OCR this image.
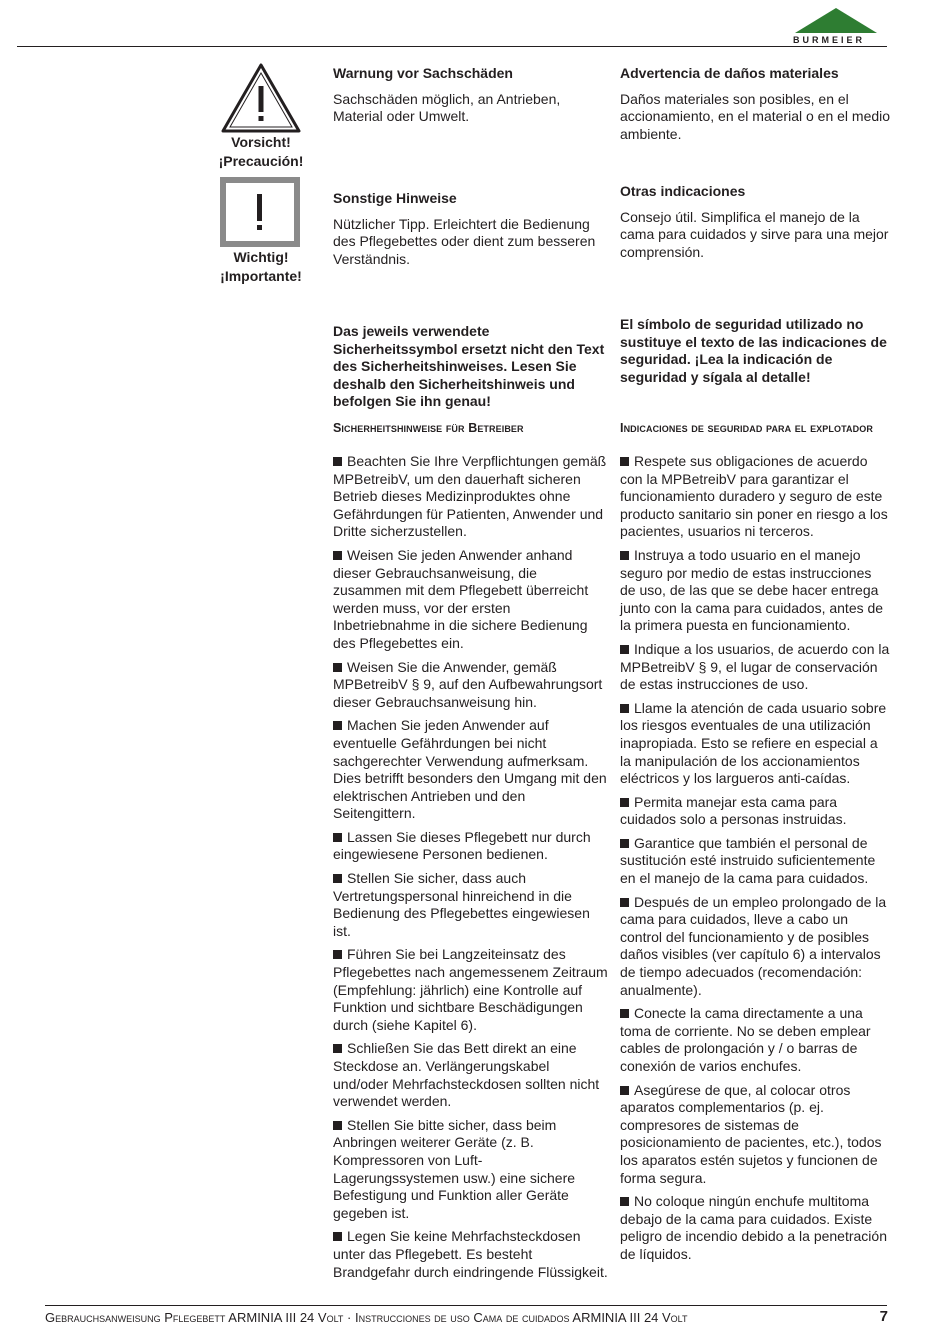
BURMEIER
Vorsicht!
¡Precaución!
Wichtig!
¡Importante!
Warnung vor Sachschäden

Sachschäden möglich, an Antrieben, Material oder Umwelt.

Advertencia de daños materiales

Daños materiales son posibles, en el accionamiento, en el material o en el medio ambiente.

Sonstige Hinweise

Nützlicher Tipp. Erleichtert die Bedienung des Pflegebettes oder dient zum besseren Verständnis.

Otras indicaciones

Consejo útil. Simplifica el manejo de la cama para cuidados y sirve para una mejor comprensión.

Das jeweils verwendete Sicherheitssymbol ersetzt nicht den Text des Sicherheitshinweises. Lesen Sie deshalb den Sicherheitshinweis und befolgen Sie ihn genau!

El símbolo de seguridad utilizado no sustituye el texto de las indicaciones de seguridad. ¡Lea la indicación de seguridad y sígala al detalle!

Sicherheitshinweise für Betreiber

Beachten Sie Ihre Verpflichtungen gemäß MPBetreibV, um den dauerhaft sicheren Betrieb dieses Medizinproduktes ohne Gefährdungen für Patienten, Anwender und Dritte sicherzustellen.

Weisen Sie jeden Anwender anhand dieser Gebrauchsanweisung, die zusammen mit dem Pflegebett überreicht werden muss, vor der ersten Inbetriebnahme in die sichere Bedienung des Pflegebettes ein.

Weisen Sie die Anwender, gemäß MPBetreibV § 9, auf den Aufbewahrungsort dieser Gebrauchsanweisung hin.

Machen Sie jeden Anwender auf eventuelle Gefährdungen bei nicht sachgerechter Verwendung aufmerksam. Dies betrifft besonders den Umgang mit den elektrischen Antrieben und den Seitengittern.

Lassen Sie dieses Pflegebett nur durch eingewiesene Personen bedienen.

Stellen Sie sicher, dass auch Vertretungspersonal hinreichend in die Bedienung des Pflegebettes eingewiesen ist.

Führen Sie bei Langzeiteinsatz des Pflegebettes nach angemessenem Zeitraum (Empfehlung: jährlich) eine Kontrolle auf Funktion und sichtbare Beschädigungen durch (siehe Kapitel 6).

Schließen Sie das Bett direkt an eine Steckdose an. Verlängerungskabel und/oder Mehrfachsteckdosen sollten nicht verwendet werden.

Stellen Sie bitte sicher, dass beim Anbringen weiterer Geräte (z. B. Kompressoren von Luft-Lagerungssystemen usw.) eine sichere Befestigung und Funktion aller Geräte gegeben ist.

Legen Sie keine Mehrfachsteckdosen unter das Pflegebett. Es besteht Brandgefahr durch eindringende Flüssigkeit.

Indicaciones de seguridad para el explotador

Respete sus obligaciones de acuerdo con la MPBetreibV para garantizar el funcionamiento duradero y seguro de este producto sanitario sin poner en riesgo a los pacientes, usuarios ni terceros.

Instruya a todo usuario en el manejo seguro por medio de estas instrucciones de uso, de las que se debe hacer entrega junto con la cama para cuidados, antes de la primera puesta en funcionamiento.

Indique a los usuarios, de acuerdo con la MPBetreibV § 9, el lugar de conservación de estas instrucciones de uso.

Llame la atención de cada usuario sobre los riesgos eventuales de una utilización inapropiada. Esto se refiere en especial a la manipulación de los accionamientos eléctricos y los largueros anti-caídas.

Permita manejar esta cama para cuidados solo a personas instruidas.

Garantice que también el personal de sustitución esté instruido suficientemente en el manejo de la cama para cuidados.

Después de un empleo prolongado de la cama para cuidados, lleve a cabo un control del funcionamiento y de posibles daños visibles (ver capítulo 6) a intervalos de tiempo adecuados (recomendación: anualmente).

Conecte la cama directamente a una toma de corriente. No se deben emplear cables de prolongación y / o barras de conexión de varios enchufes.

Asegúrese de que, al colocar otros aparatos complementarios (p. ej. compresores de sistemas de posicionamiento de pacientes, etc.), todos los aparatos estén sujetos y funcionen de forma segura.

No coloque ningún enchufe multitoma debajo de la cama para cuidados. Existe peligro de incendio debido a la penetración de líquidos.

Gebrauchsanweisung Pflegebett ARMINIA III 24 Volt · Instrucciones de uso Cama de cuidados ARMINIA III 24 Volt	7
